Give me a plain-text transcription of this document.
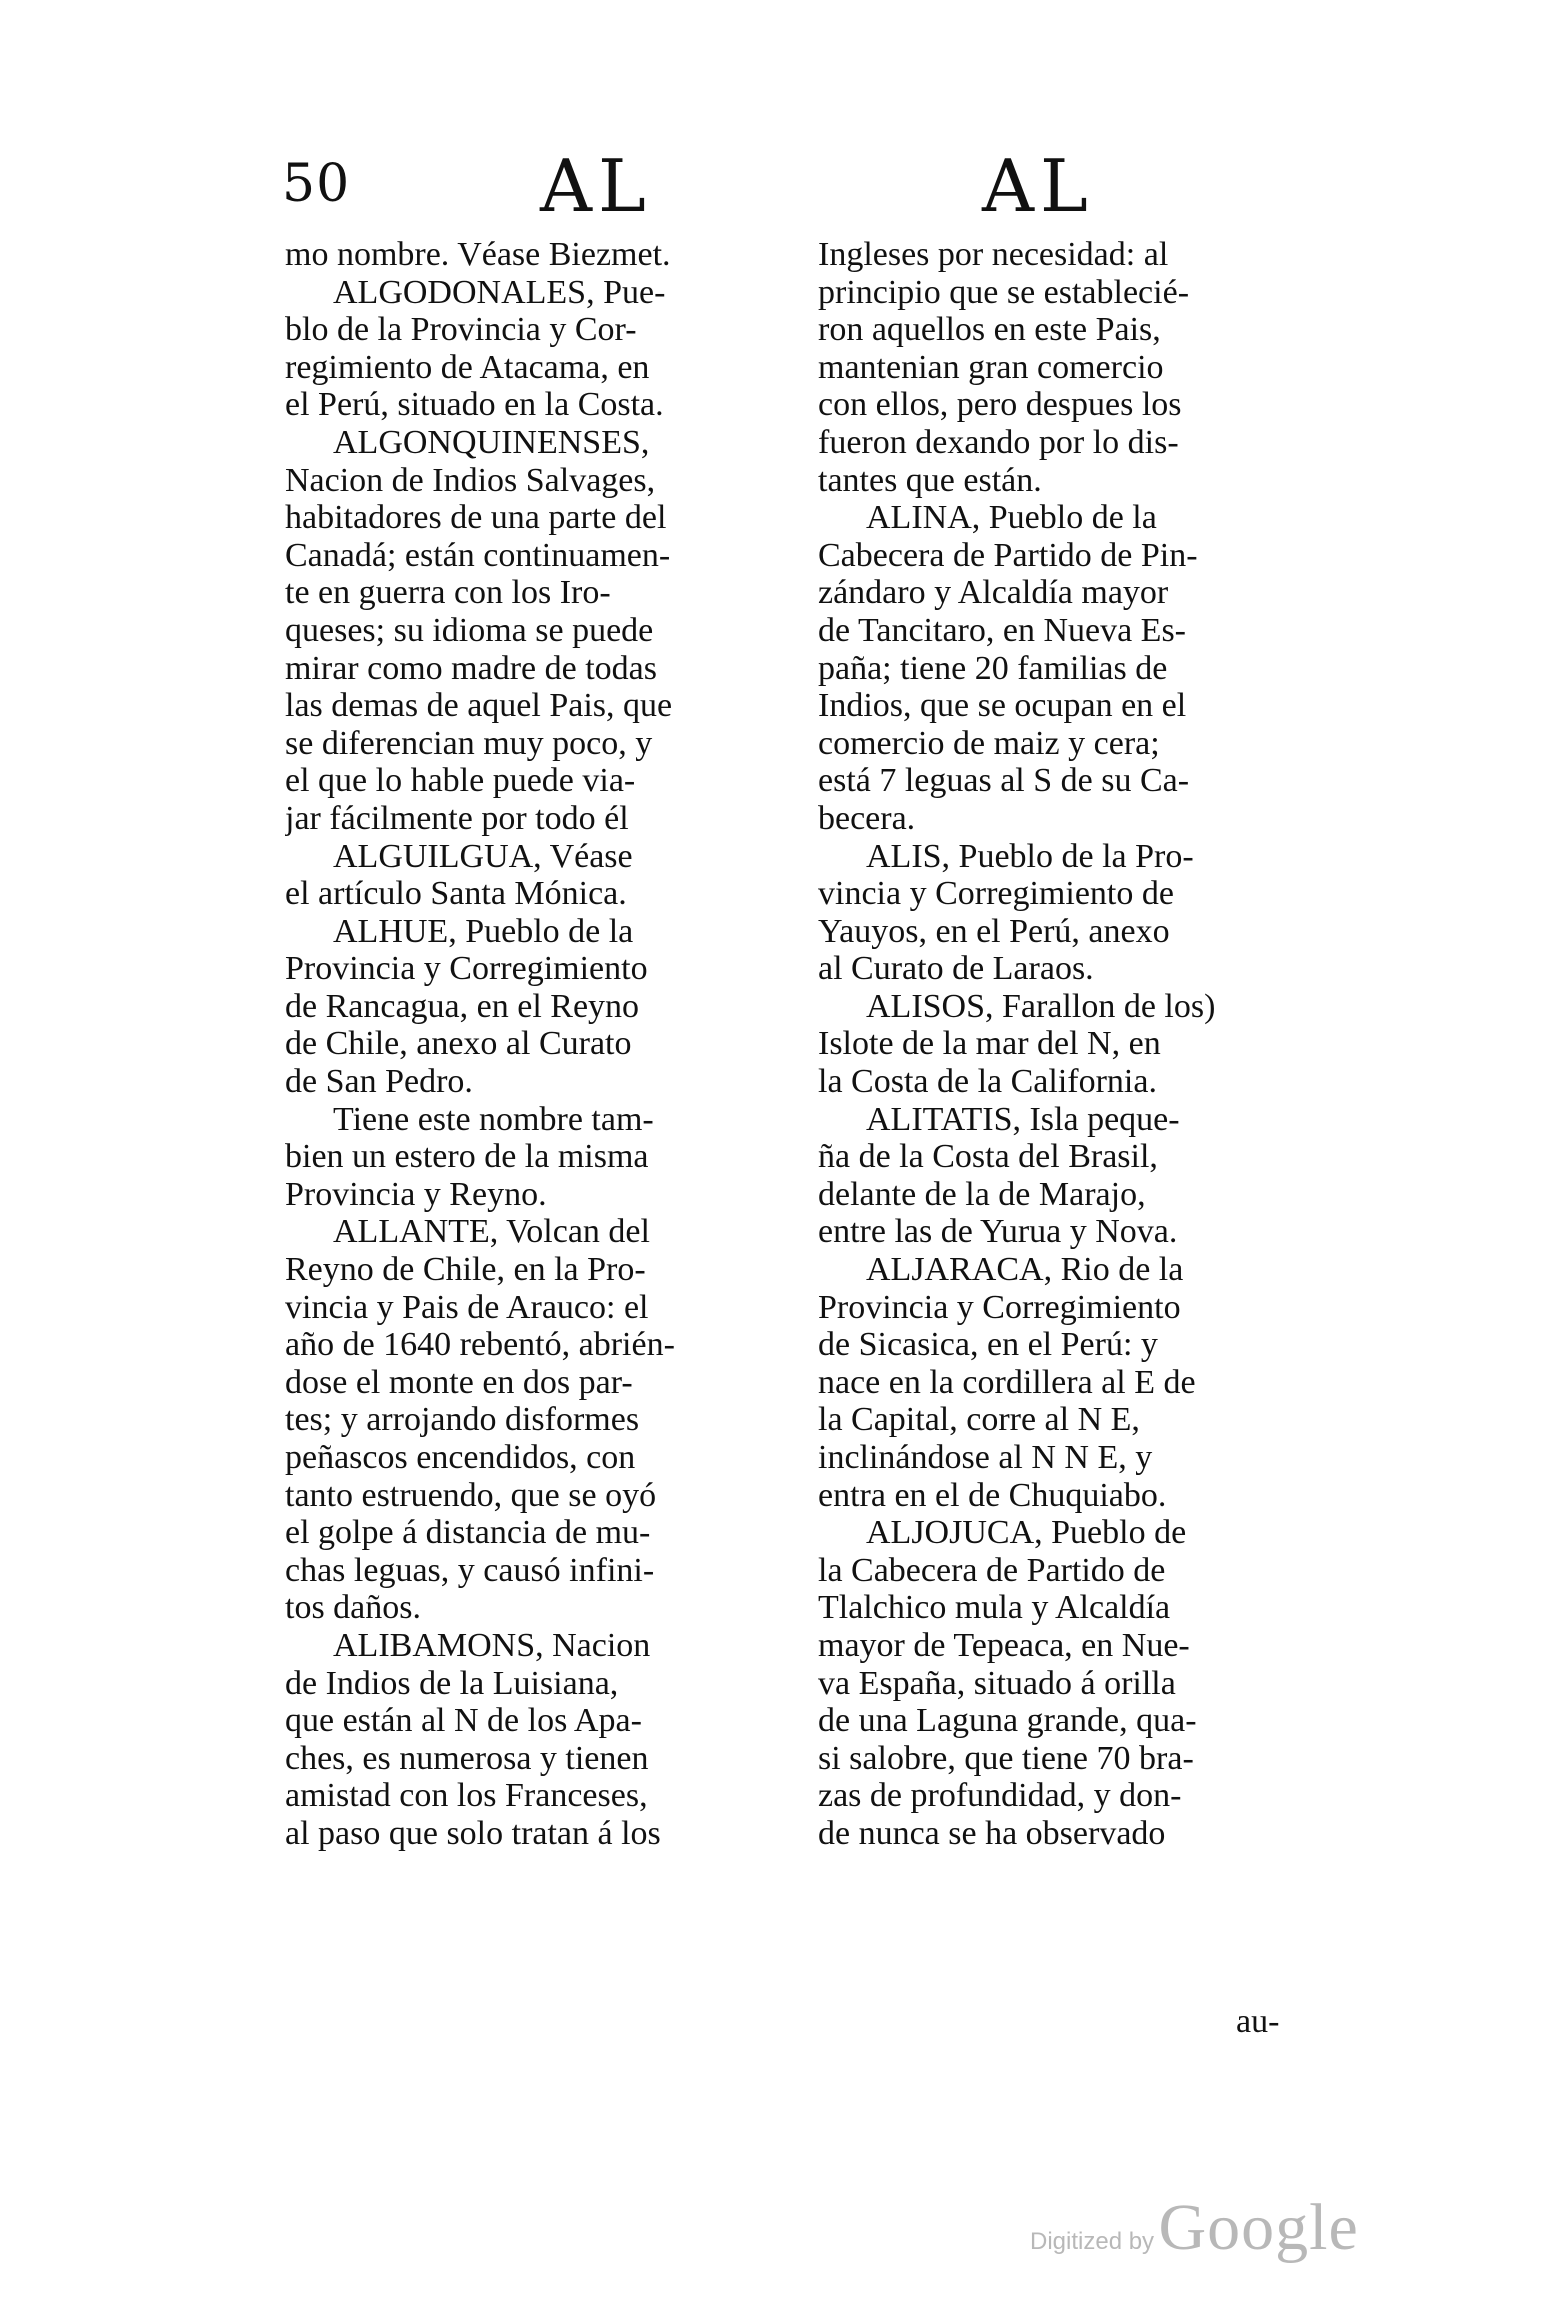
50	AL	AL
mo nombre. Véase Biezmet.
ALGODONALES, Pue-
blo de la Provincia y Cor-
regimiento de Atacama, en
el Perú, situado en la Costa.
ALGONQUINENSES,
Nacion de Indios Salvages,
habitadores de una parte del
Canadá; están continuamen-
te en guerra con los Iro-
queses; su idioma se puede
mirar como madre de todas
las demas de aquel Pais, que
se diferencian muy poco, y
el que lo hable puede via-
jar fácilmente por todo él
ALGUILGUA, Véase
el artículo Santa Mónica.
ALHUE, Pueblo de la
Provincia y Corregimiento
de Rancagua, en el Reyno
de Chile, anexo al Curato
de San Pedro.
Tiene este nombre tam-
bien un estero de la misma
Provincia y Reyno.
ALLANTE, Volcan del
Reyno de Chile, en la Pro-
vincia y Pais de Arauco: el
año de 1640 rebentó, abrién-
dose el monte en dos par-
tes; y arrojando disformes
peñascos encendidos, con
tanto estruendo, que se oyó
el golpe á distancia de mu-
chas leguas, y causó infini-
tos daños.
ALIBAMONS, Nacion
de Indios de la Luisiana,
que están al N de los Apa-
ches, es numerosa y tienen
amistad con los Franceses,
al paso que solo tratan á los
Ingleses por necesidad: al
principio que se establecié-
ron aquellos en este Pais,
mantenian gran comercio
con ellos, pero despues los
fueron dexando por lo dis-
tantes que están.
ALINA, Pueblo de la
Cabecera de Partido de Pin-
zándaro y Alcaldía mayor
de Tancitaro, en Nueva Es-
paña; tiene 20 familias de
Indios, que se ocupan en el
comercio de maiz y cera;
está 7 leguas al S de su Ca-
becera.
ALIS, Pueblo de la Pro-
vincia y Corregimiento de
Yauyos, en el Perú, anexo
al Curato de Laraos.
ALISOS, Farallon de los)
Islote de la mar del N, en
la Costa de la California.
ALITATIS, Isla peque-
ña de la Costa del Brasil,
delante de la de Marajo,
entre las de Yurua y Nova.
ALJARACA, Rio de la
Provincia y Corregimiento
de Sicasica, en el Perú: y
nace en la cordillera al E de
la Capital, corre al N E,
inclinándose al N N E, y
entra en el de Chuquiabo.
ALJOJUCA, Pueblo de
la Cabecera de Partido de
Tlalchico mula y Alcaldía
mayor de Tepeaca, en Nue-
va España, situado á orilla
de una Laguna grande, qua-
si salobre, que tiene 70 bra-
zas de profundidad, y don-
de nunca se ha observado
au-
Digitized by Google
